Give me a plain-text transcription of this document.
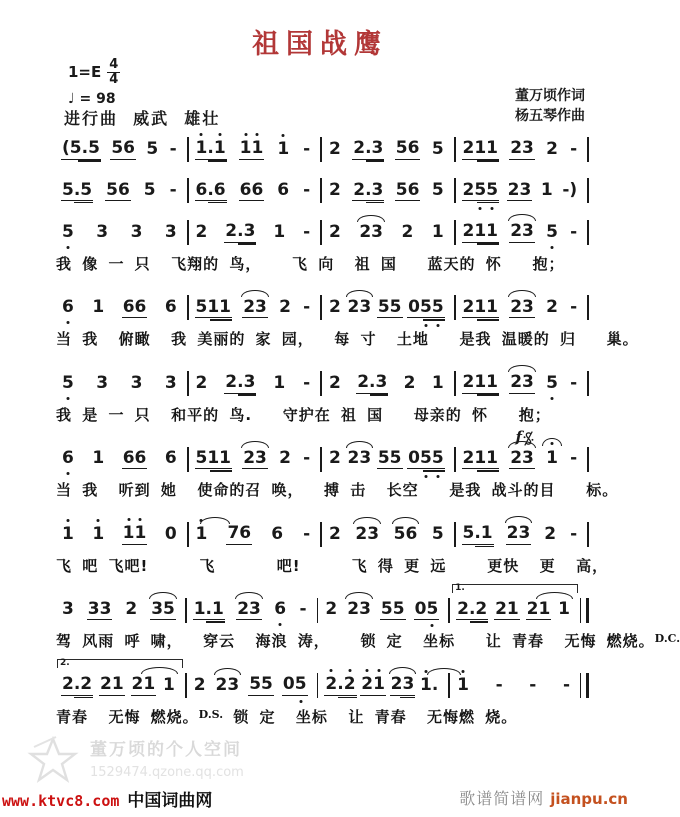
祖国战鹰
1=E 4
4
♩ = 98
进行曲  威武  雄壮
董万顷作词
杨五琴作曲
(5.5 56 5 - 1
.1 1
1 1 - 2 2.3 56 5 211 23 2 -
5.5 56 5 - 6.6 66 6 - 2 2.3 56 5 25
5 23 1 -)
5 3 3 3 2 2.3 1 - 2 23 2 1 211 23 5 -
我 像 一 只  飞翔的 鸟，   飞 向  祖 国   蓝天的 怀   抱；
6 1 66 6 511 23 2 - 2 23 55 05
5 211 23 2 -
当 我  俯瞰  我 美丽的 家 园，  每 寸  土地   是我 温暖的 归   巢。
5 3 3 3 2 2.3 1 - 2 2.3 2 1 211 23 5 -
我 是 一 只  和平的 鸟.   守护在 祖 国   母亲的 怀   抱；
6 1 66 6 511 23 2 - 2 23 55 05
5 211 23 1 -
f
当 我  听到 她  使命的召 唤，  搏 击  长空   是我 战斗的目   标。
1 1 1
1 0 1 76 6 - 2 23 56 5 5.1 23 2 -
飞 吧 飞吧!     飞      吧!     飞 得 更 远    更快  更  高，
3 33 2 35 1.1 23 6 - 2 23 55 05
1.
2.2 21 21 1
驾 风雨 呼 啸，  穿云  海浪 涛，   锁 定  坐标   让 青春  无悔 燃烧。$^{D.C.}$
2.
2.2 21 21 1 2 23 55 05 2
.2 2
1 23 1
. 1 - - -
青春  无悔 燃烧。$^{D.S.}$ 锁 定  坐标  让 青春  无悔燃 烧。
董万顷的个人空间
1529474.qzone.qq.com
www.ktvc8.com 中国词曲网	歌谱简谱网 jianpu.cn
